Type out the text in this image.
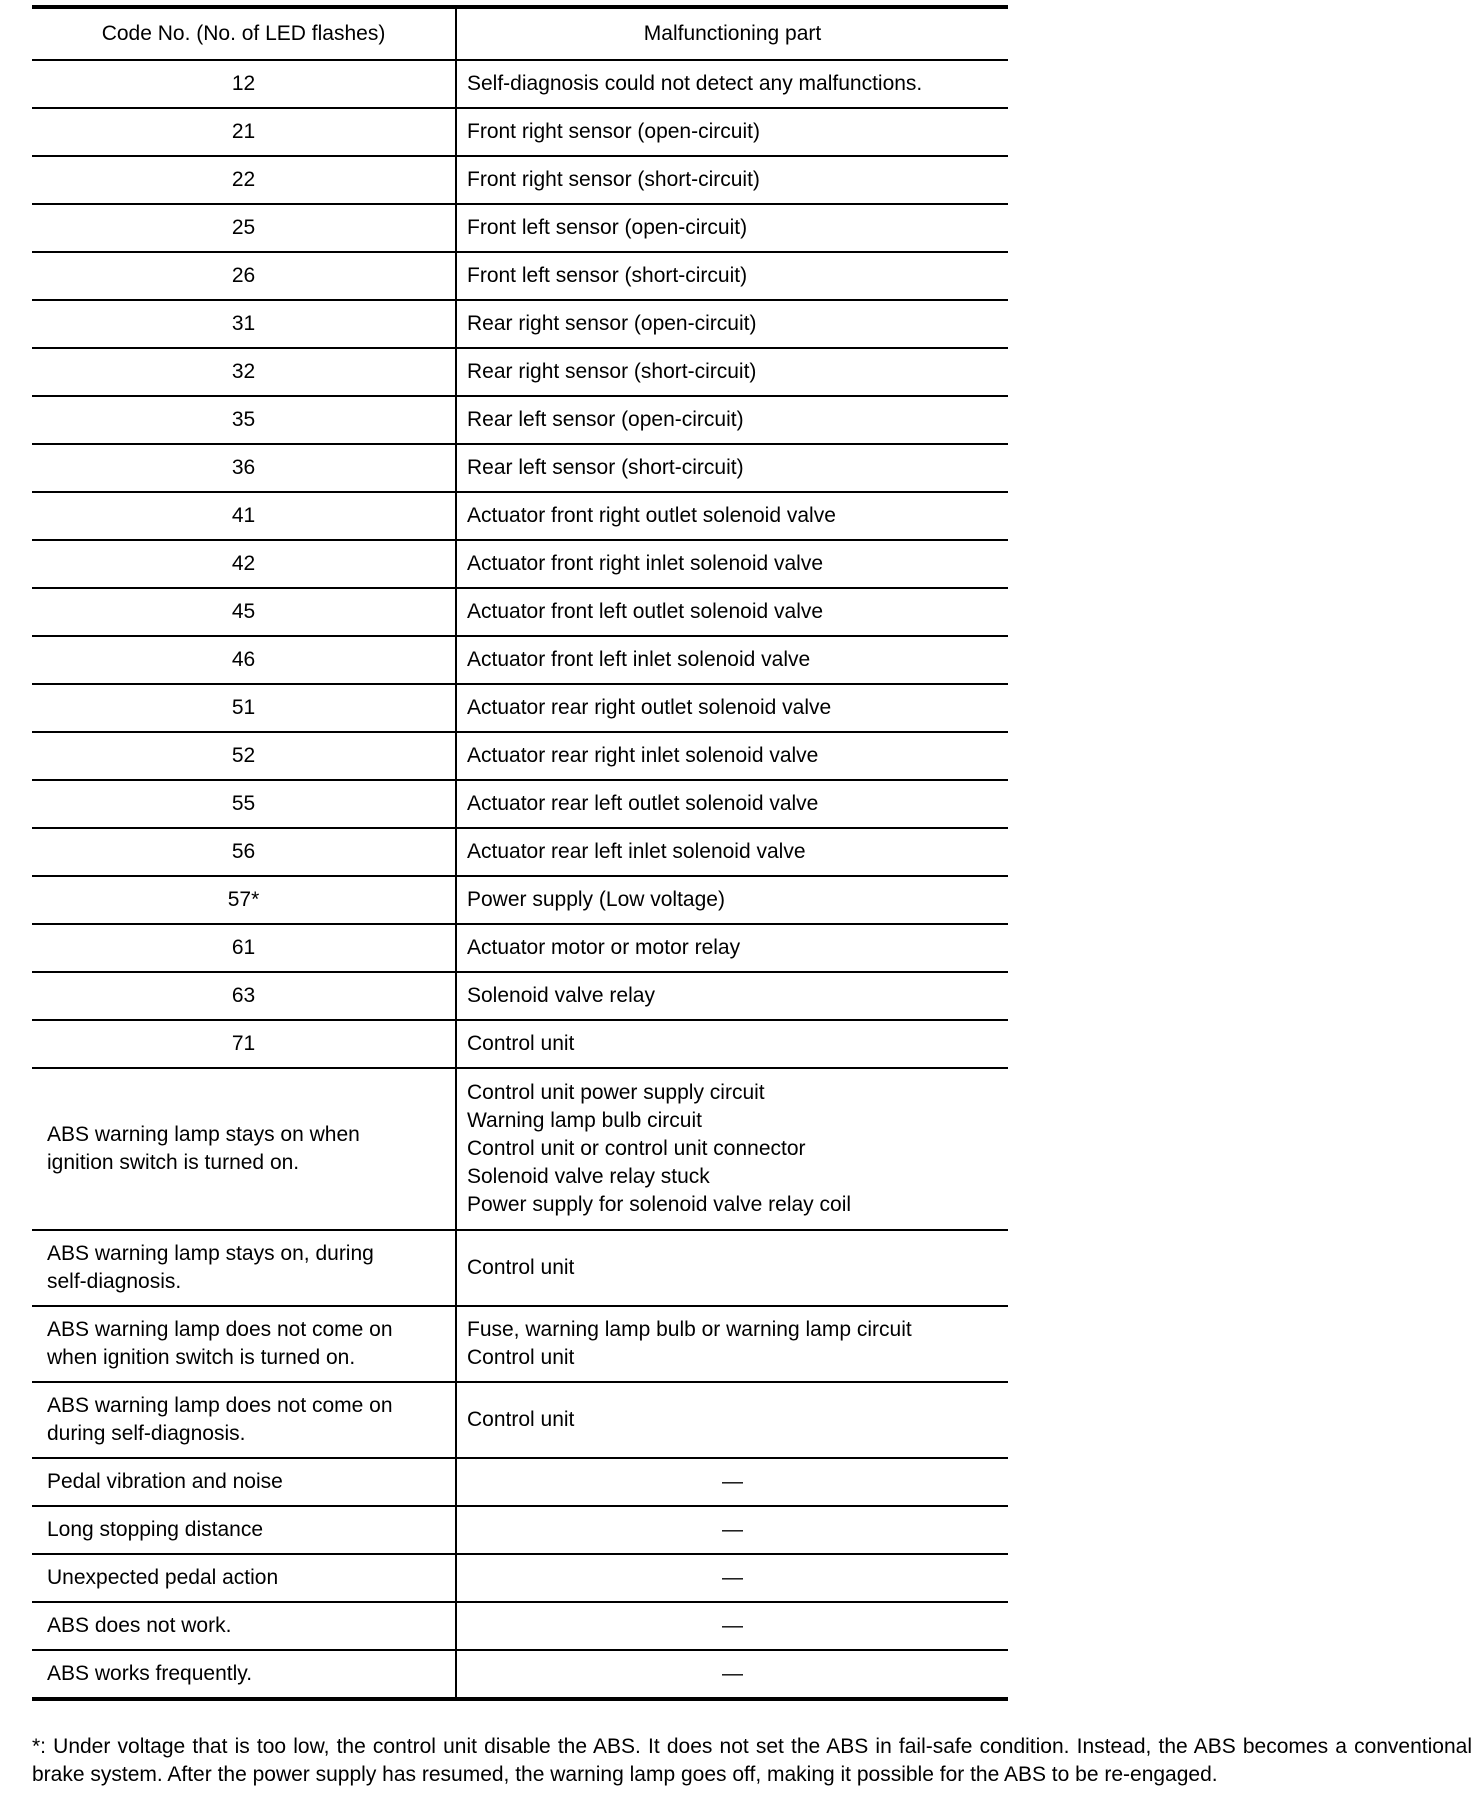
Code No. (No. of LED flashes)	Malfunctioning part
12	Self-diagnosis could not detect any malfunctions.
21	Front right sensor (open-circuit)
22	Front right sensor (short-circuit)
25	Front left sensor (open-circuit)
26	Front left sensor (short-circuit)
31	Rear right sensor (open-circuit)
32	Rear right sensor (short-circuit)
35	Rear left sensor (open-circuit)
36	Rear left sensor (short-circuit)
41	Actuator front right outlet solenoid valve
42	Actuator front right inlet solenoid valve
45	Actuator front left outlet solenoid valve
46	Actuator front left inlet solenoid valve
51	Actuator rear right outlet solenoid valve
52	Actuator rear right inlet solenoid valve
55	Actuator rear left outlet solenoid valve
56	Actuator rear left inlet solenoid valve
57*	Power supply (Low voltage)
61	Actuator motor or motor relay
63	Solenoid valve relay
71	Control unit

ABS warning lamp stays on when
ignition switch is turned on.	Control unit power supply circuit
Warning lamp bulb circuit
Control unit or control unit connector
Solenoid valve relay stuck
Power supply for solenoid valve relay coil

ABS warning lamp stays on, during
self-diagnosis.	Control unit

ABS warning lamp does not come on
when ignition switch is turned on.	Fuse, warning lamp bulb or warning lamp circuit
Control unit

ABS warning lamp does not come on
during self-diagnosis.	Control unit

Pedal vibration and noise	—

Long stopping distance	—

Unexpected pedal action	—

ABS does not work.	—

ABS works frequently.	—

*: Under voltage that is too low, the control unit disable the ABS. It does not set the ABS in fail-safe condition. Instead, the ABS becomes a conventional brake system. After the power supply has resumed, the warning lamp goes off, making it possible for the ABS to be re-engaged.
